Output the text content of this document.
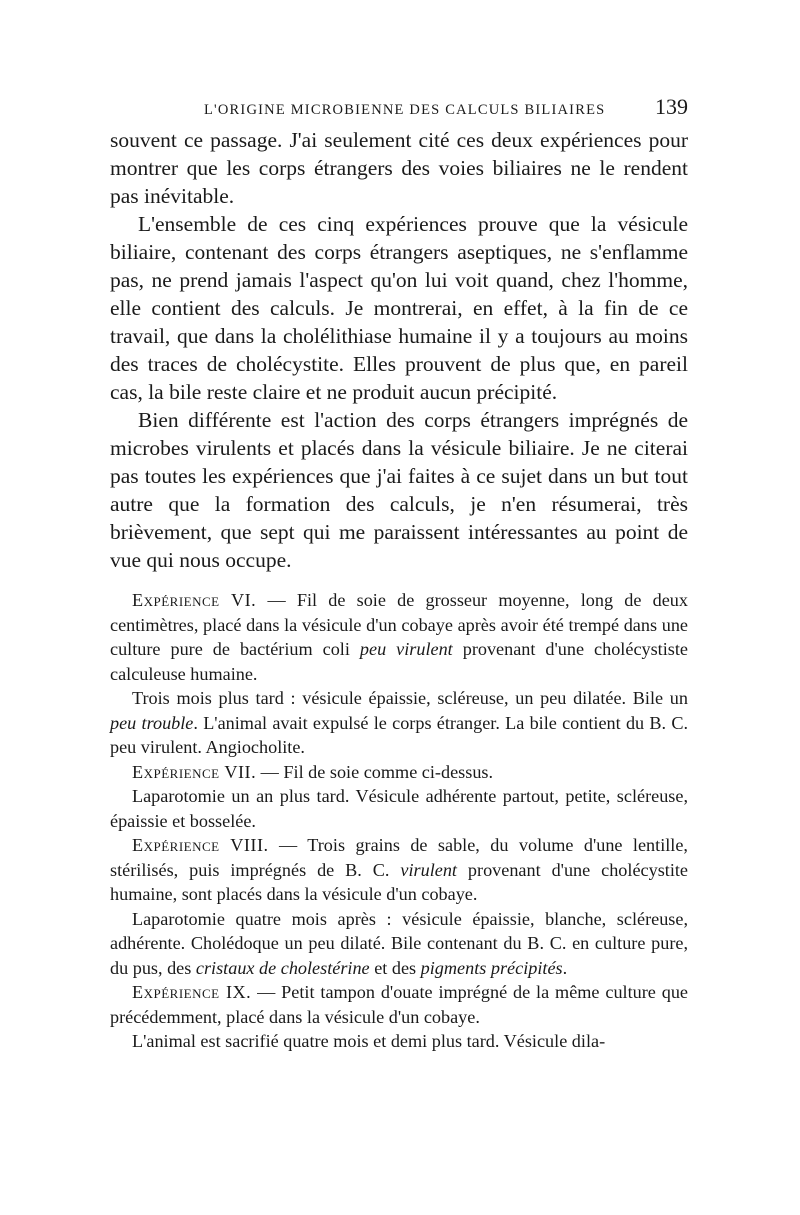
L'ORIGINE MICROBIENNE DES CALCULS BILIAIRES 139

souvent ce passage. J'ai seulement cité ces deux expériences pour montrer que les corps étrangers des voies biliaires ne le rendent pas inévitable.

L'ensemble de ces cinq expériences prouve que la vésicule biliaire, contenant des corps étrangers aseptiques, ne s'enflamme pas, ne prend jamais l'aspect qu'on lui voit quand, chez l'homme, elle contient des calculs. Je montrerai, en effet, à la fin de ce travail, que dans la cholélithiase humaine il y a toujours au moins des traces de cholécystite. Elles prouvent de plus que, en pareil cas, la bile reste claire et ne produit aucun précipité.

Bien différente est l'action des corps étrangers imprégnés de microbes virulents et placés dans la vésicule biliaire. Je ne citerai pas toutes les expériences que j'ai faites à ce sujet dans un but tout autre que la formation des calculs, je n'en résumerai, très brièvement, que sept qui me paraissent intéressantes au point de vue qui nous occupe.

Expérience VI. — Fil de soie de grosseur moyenne, long de deux centimètres, placé dans la vésicule d'un cobaye après avoir été trempé dans une culture pure de bactérium coli peu virulent provenant d'une cholécystiste calculeuse humaine.

Trois mois plus tard : vésicule épaissie, scléreuse, un peu dilatée. Bile un peu trouble. L'animal avait expulsé le corps étranger. La bile contient du B. C. peu virulent. Angiocholite.

Expérience VII. — Fil de soie comme ci-dessus.

Laparotomie un an plus tard. Vésicule adhérente partout, petite, scléreuse, épaissie et bosselée.

Expérience VIII. — Trois grains de sable, du volume d'une lentille, stérilisés, puis imprégnés de B. C. virulent provenant d'une cholécystite humaine, sont placés dans la vésicule d'un cobaye.

Laparotomie quatre mois après : vésicule épaissie, blanche, scléreuse, adhérente. Cholédoque un peu dilaté. Bile contenant du B. C. en culture pure, du pus, des cristaux de cholestérine et des pigments précipités.

Expérience IX. — Petit tampon d'ouate imprégné de la même culture que précédemment, placé dans la vésicule d'un cobaye.

L'animal est sacrifié quatre mois et demi plus tard. Vésicule dila-
